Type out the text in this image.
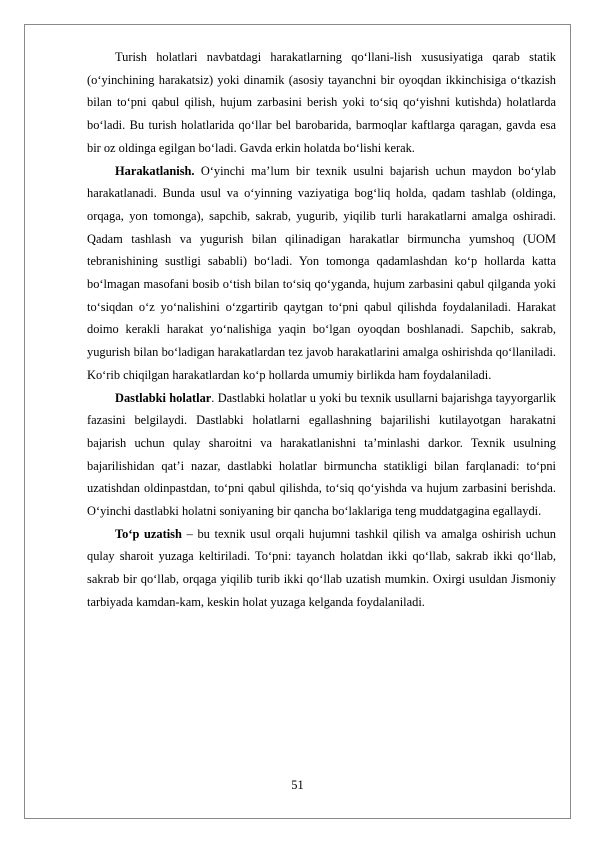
Turish holatlari navbatdagi harakatlarning qo‘llani-lish xususiyatiga qarab statik (o‘yinchining harakatsiz) yoki dinamik (asosiy tayanchni bir oyoqdan ikkinchisiga o‘tkazish bilan to‘pni qabul qilish, hujum zarbasini berish yoki to‘siq qo‘yishni kutishda) holatlarda bo‘ladi. Bu turish holatlarida qo‘llar bel barobarida, barmoqlar kaftlarga qaragan, gavda esa bir oz oldinga egilgan bo‘ladi. Gavda erkin holatda bo‘lishi kerak.

Harakatlanish. O‘yinchi ma’lum bir texnik usulni bajarish uchun maydon bo‘ylab harakatlanadi. Bunda usul va o‘yinning vaziyatiga bog‘liq holda, qadam tashlab (oldinga, orqaga, yon tomonga), sapchib, sakrab, yugurib, yiqilib turli harakatlarni amalga oshiradi. Qadam tashlash va yugurish bilan qilinadigan harakatlar birmuncha yumshoq (UOM tebranishining sustligi sababli) bo‘ladi. Yon tomonga qadamlashdan ko‘p hollarda katta bo‘lmagan masofani bosib o‘tish bilan to‘siq qo‘yganda, hujum zarbasini qabul qilganda yoki to‘siqdan o‘z yo‘nalishini o‘zgartirib qaytgan to‘pni qabul qilishda foydalaniladi. Harakat doimo kerakli harakat yo‘nalishiga yaqin bo‘lgan oyoqdan boshlanadi. Sapchib, sakrab, yugurish bilan bo‘ladigan harakatlardan tez javob harakatlarini amalga oshirishda qo‘llaniladi. Ko‘rib chiqilgan harakatlardan ko‘p hollarda umumiy birlikda ham foydalaniladi.

Dastlabki holatlar. Dastlabki holatlar u yoki bu texnik usullarni bajarishga tayyorgarlik fazasini belgilaydi. Dastlabki holatlarni egallashning bajarilishi kutilayotgan harakatni bajarish uchun qulay sharoitni va harakatlanishni ta’minlashi darkor. Texnik usulning bajarilishidan qat’i nazar, dastlabki holatlar birmuncha statikligi bilan farqlanadi: to‘pni uzatishdan oldinpastdan, to‘pni qabul qilishda, to‘siq qo‘yishda va hujum zarbasini berishda. O‘yinchi dastlabki holatni soniyaning bir qancha bo‘laklariga teng muddatgagina egallaydi.

To‘p uzatish – bu texnik usul orqali hujumni tashkil qilish va amalga oshirish uchun qulay sharoit yuzaga keltiriladi. To‘pni: tayanch holatdan ikki qo‘llab, sakrab ikki qo‘llab, sakrab bir qo‘llab, orqaga yiqilib turib ikki qo‘llab uzatish mumkin. Oxirgi usuldan Jismoniy tarbiyada kamdan-kam, keskin holat yuzaga kelganda foydalaniladi.

51
